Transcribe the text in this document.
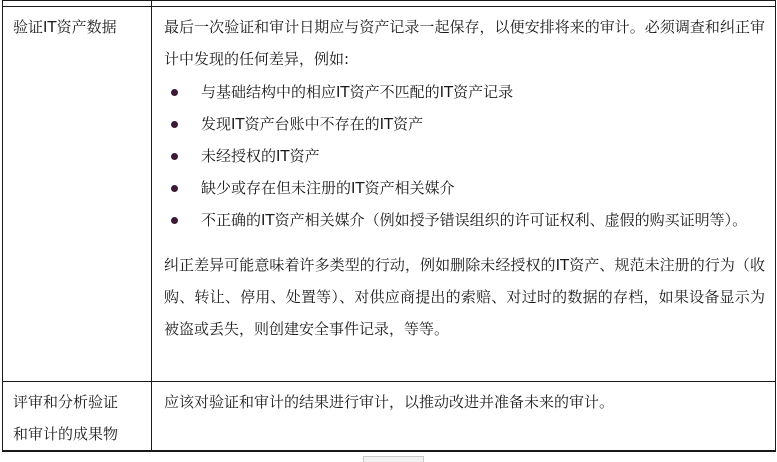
验证IT资产数据	最后一次验证和审计日期应与资产记录一起保存，以便安排将来的审计。必须调查和纠正审计中发现的任何差异，例如:

与基础结构中的相应IT资产不匹配的IT资产记录
发现IT资产台账中不存在的IT资产
未经授权的IT资产
缺少或存在但未注册的IT资产相关媒介
不正确的IT资产相关媒介（例如授予错误组织的许可证权利、虚假的购买证明等）。

纠正差异可能意味着许多类型的行动，例如删除未经授权的IT资产、规范未注册的行为（收购、转让、停用、处置等）、对供应商提出的索赔、对过时的数据的存档，如果设备显示为被盗或丢失，则创建安全事件记录，等等。

评审和分析验证
和审计的成果物	应该对验证和审计的结果进行审计，以推动改进并准备未来的审计。
